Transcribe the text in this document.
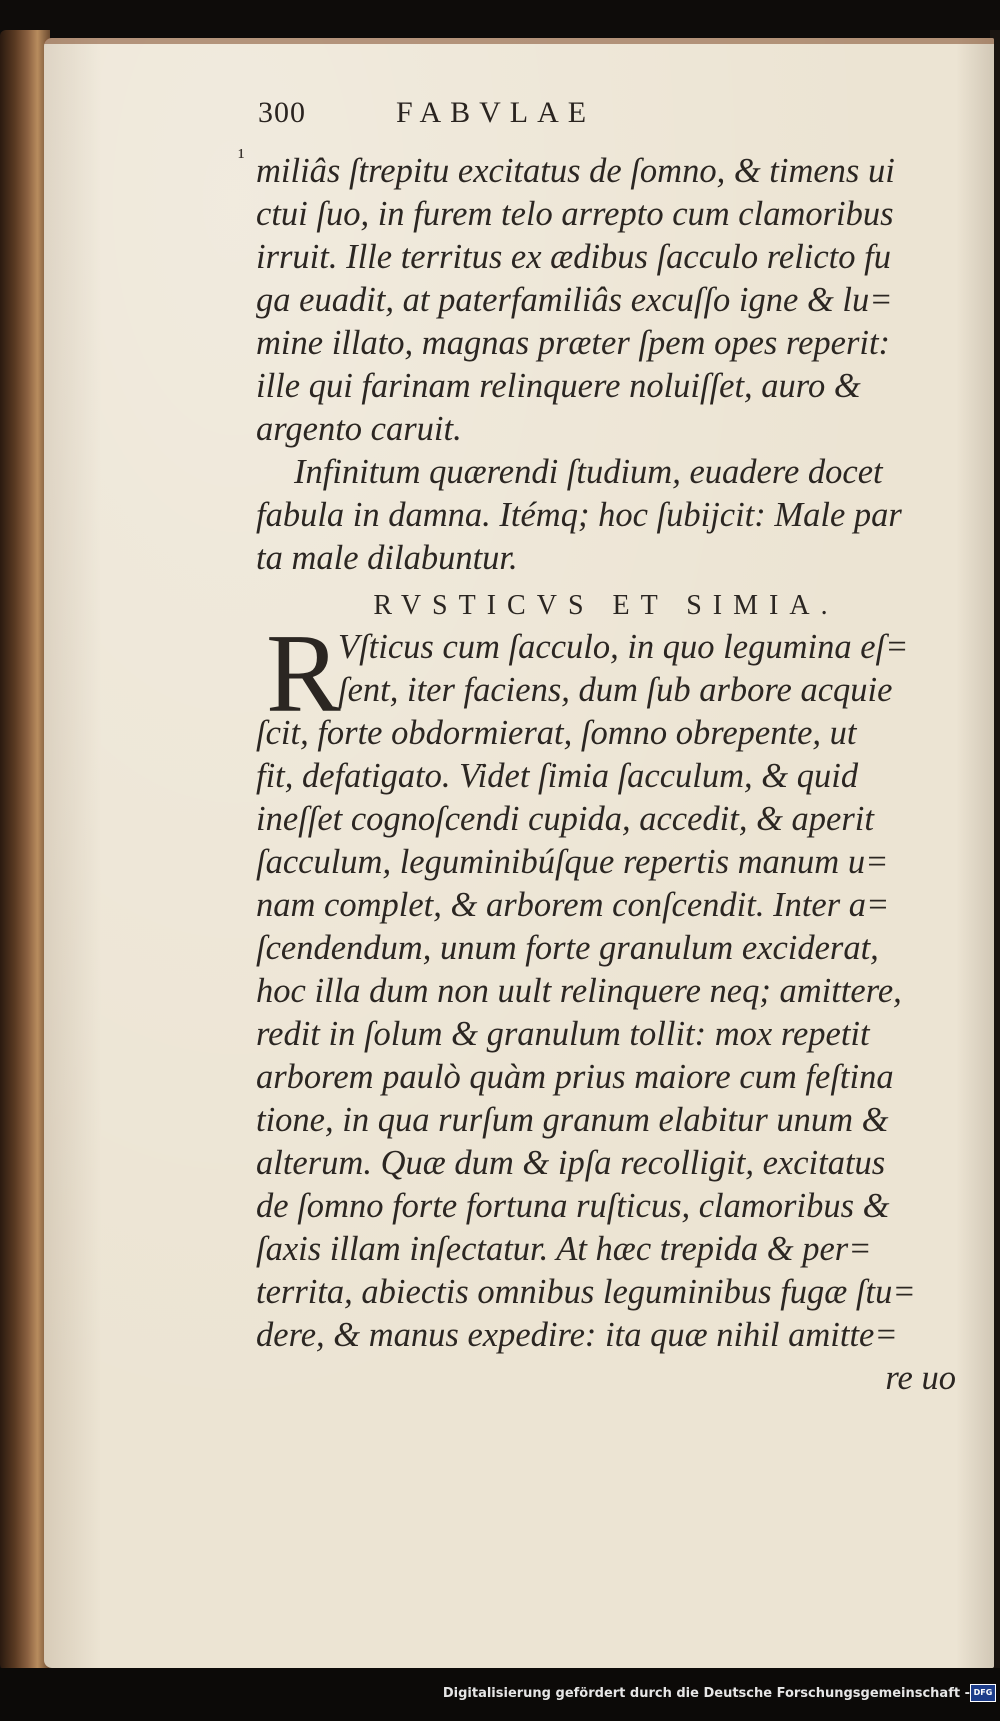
300	FABVLAE
¹ miliâs ſtrepitu excitatus de ſomno, & timens ui
ctui ſuo, in furem telo arrepto cum clamoribus
irruit. Ille territus ex ædibus ſacculo relicto fu
ga euadit, at paterfamiliâs excuſſo igne & lu=
mine illato, magnas præter ſpem opes reperit:
ille qui farinam relinquere noluiſſet, auro &
argento caruit.
Infinitum quærendi ſtudium, euadere docet
fabula in damna. Itémq; hoc ſubijcit: Male par
ta male dilabuntur.
RVSTICVS ET SIMIA.
R
Vſticus cum ſacculo, in quo legumina eſ=
ſent, iter faciens, dum ſub arbore acquie
ſcit, forte obdormierat, ſomno obrepente, ut
fit, defatigato. Videt ſimia ſacculum, & quid
ineſſet cognoſcendi cupida, accedit, & aperit
ſacculum, leguminibúſque repertis manum u=
nam complet, & arborem conſcendit. Inter a=
ſcendendum, unum forte granulum exciderat,
hoc illa dum non uult relinquere neq; amittere,
redit in ſolum & granulum tollit: mox repetit
arborem paulò quàm prius maiore cum feſtina
tione, in qua rurſum granum elabitur unum &
alterum. Quæ dum & ipſa recolligit, excitatus
de ſomno forte fortuna ruſticus, clamoribus &
ſaxis illam inſectatur. At hæc trepida & per=
territa, abiectis omnibus leguminibus fugæ ſtu=
dere, & manus expedire: ita quæ nihil amitte=
re uo
Digitalisierung gefördert durch die Deutsche Forschungsgemeinschaft - DFG
